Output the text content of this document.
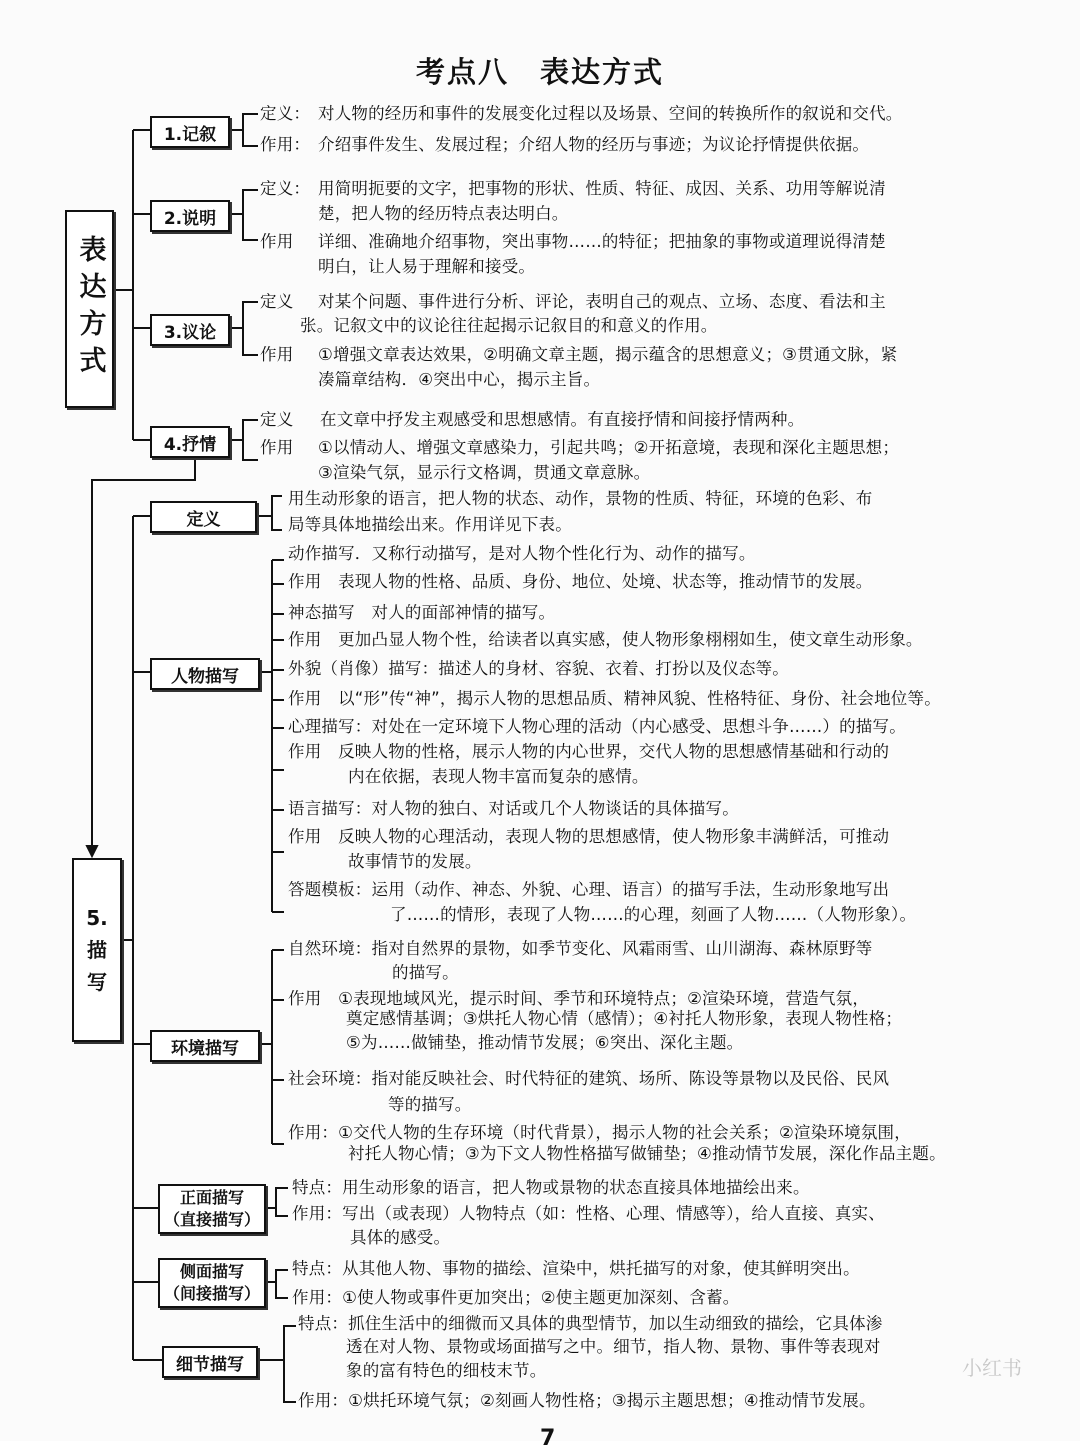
考点八　表达方式
表达方式
1.记叙
定义： 对人物的经历和事件的发展变化过程以及场景、空间的转换所作的叙说和交代。
作用： 介绍事件发生、发展过程；介绍人物的经历与事迹；为议论抒情提供依据。
2.说明
定义： 用简明扼要的文字，把事物的形状、性质、特征、成因、关系、功用等解说清
楚，把人物的经历特点表达明白。
作用 详细、准确地介绍事物，突出事物……的特征；把抽象的事物或道理说得清楚
明白，让人易于理解和接受。
3.议论
定义 对某个问题、事件进行分析、评论，表明自己的观点、立场、态度、看法和主
张。记叙文中的议论往往起揭示记叙目的和意义的作用。
作用 ①增强文章表达效果，②明确文章主题，揭示蕴含的思想意义；③贯通文脉，紧
凑篇章结构．④突出中心，揭示主旨。
4.抒情
定义 在文章中抒发主观感受和思想感情。有直接抒情和间接抒情两种。
作用 ①以情动人、增强文章感染力，引起共鸣；②开拓意境，表现和深化主题思想；
③渲染气氛，显示行文格调，贯通文章意脉。
5.
描
写
定义
用生动形象的语言，把人物的状态、动作，景物的性质、特征，环境的色彩、布
局等具体地描绘出来。作用详见下表。
人物描写
动作描写．又称行动描写，是对人物个性化行为、动作的描写。
作用　表现人物的性格、品质、身份、地位、处境、状态等，推动情节的发展。
神态描写　对人的面部神情的描写。
作用　更加凸显人物个性，给读者以真实感，使人物形象栩栩如生，使文章生动形象。
外貌（肖像）描写：描述人的身材、容貌、衣着、打扮以及仪态等。
作用　以“形”传“神”，揭示人物的思想品质、精神风貌、性格特征、身份、社会地位等。
心理描写：对处在一定环境下人物心理的活动（内心感受、思想斗争……）的描写。
作用　反映人物的性格，展示人物的内心世界，交代人物的思想感情基础和行动的
内在依据，表现人物丰富而复杂的感情。
语言描写：对人物的独白、对话或几个人物谈话的具体描写。
作用　反映人物的心理活动，表现人物的思想感情，使人物形象丰满鲜活，可推动
故事情节的发展。
答题模板：运用（动作、神态、外貌、心理、语言）的描写手法，生动形象地写出
了……的情形，表现了人物……的心理，刻画了人物……（人物形象）。
环境描写
自然环境：指对自然界的景物，如季节变化、风霜雨雪、山川湖海、森林原野等
的描写。
作用　①表现地域风光，提示时间、季节和环境特点；②渲染环境，营造气氛，
奠定感情基调；③烘托人物心情（感情）；④衬托人物形象，表现人物性格；
⑤为……做铺垫，推动情节发展；⑥突出、深化主题。
社会环境：指对能反映社会、时代特征的建筑、场所、陈设等景物以及民俗、民风
等的描写。
作用：①交代人物的生存环境（时代背景），揭示人物的社会关系；②渲染环境氛围，
衬托人物心情；③为下文人物性格描写做铺垫；④推动情节发展，深化作品主题。
正面描写
（直接描写）
特点：用生动形象的语言，把人物或景物的状态直接具体地描绘出来。
作用：写出（或表现）人物特点（如：性格、心理、情感等），给人直接、真实、
具体的感受。
侧面描写
（间接描写）
特点：从其他人物、事物的描绘、渲染中，烘托描写的对象，使其鲜明突出。
作用：①使人物或事件更加突出；②使主题更加深刻、含蓄。
细节描写
特点：抓住生活中的细微而又具体的典型情节，加以生动细致的描绘，它具体渗
透在对人物、景物或场面描写之中。细节，指人物、景物、事件等表现对
象的富有特色的细枝末节。
作用：①烘托环境气氛；②刻画人物性格；③揭示主题思想；④推动情节发展。
小红书
7
